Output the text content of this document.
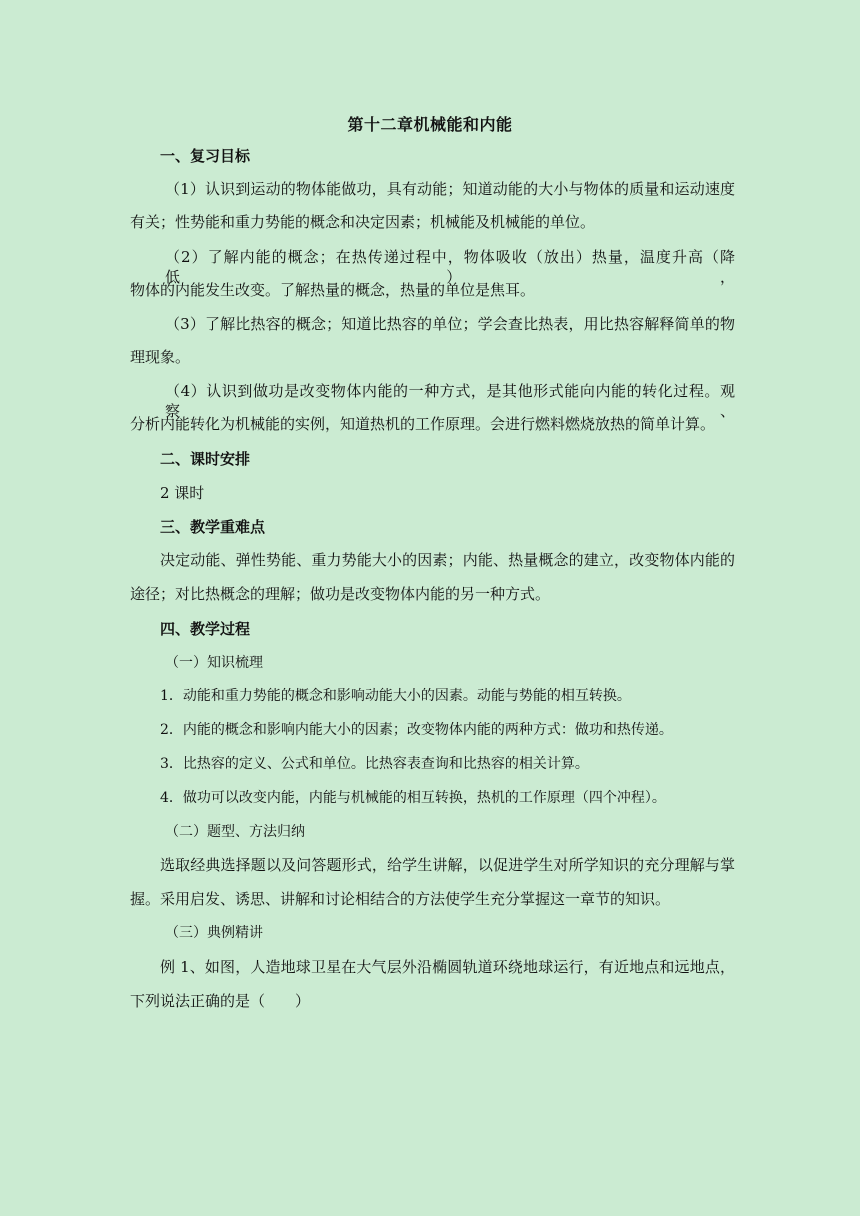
第十二章机械能和内能
一、复习目标
（1）认识到运动的物体能做功，具有动能；知道动能的大小与物体的质量和运动速度
有关；性势能和重力势能的概念和决定因素；机械能及机械能的单位。
（2）了解内能的概念；在热传递过程中，物体吸收（放出）热量，温度升高（降低），
物体的内能发生改变。了解热量的概念，热量的单位是焦耳。
（3）了解比热容的概念；知道比热容的单位；学会查比热表，用比热容解释简单的物
理现象。
（4）认识到做功是改变物体内能的一种方式，是其他形式能向内能的转化过程。观察、
分析内能转化为机械能的实例，知道热机的工作原理。会进行燃料燃烧放热的简单计算。
二、课时安排
2 课时
三、教学重难点
决定动能、弹性势能、重力势能大小的因素；内能、热量概念的建立，改变物体内能的
途径；对比热概念的理解；做功是改变物体内能的另一种方式。
四、教学过程
（一）知识梳理
1．动能和重力势能的概念和影响动能大小的因素。动能与势能的相互转换。
2．内能的概念和影响内能大小的因素；改变物体内能的两种方式：做功和热传递。
3．比热容的定义、公式和单位。比热容表查询和比热容的相关计算。
4．做功可以改变内能，内能与机械能的相互转换，热机的工作原理（四个冲程）。
（二）题型、方法归纳
选取经典选择题以及问答题形式，给学生讲解，以促进学生对所学知识的充分理解与掌
握。采用启发、诱思、讲解和讨论相结合的方法使学生充分掌握这一章节的知识。
（三）典例精讲
例 1、如图，人造地球卫星在大气层外沿椭圆轨道环绕地球运行，有近地点和远地点，
下列说法正确的是（　　）
